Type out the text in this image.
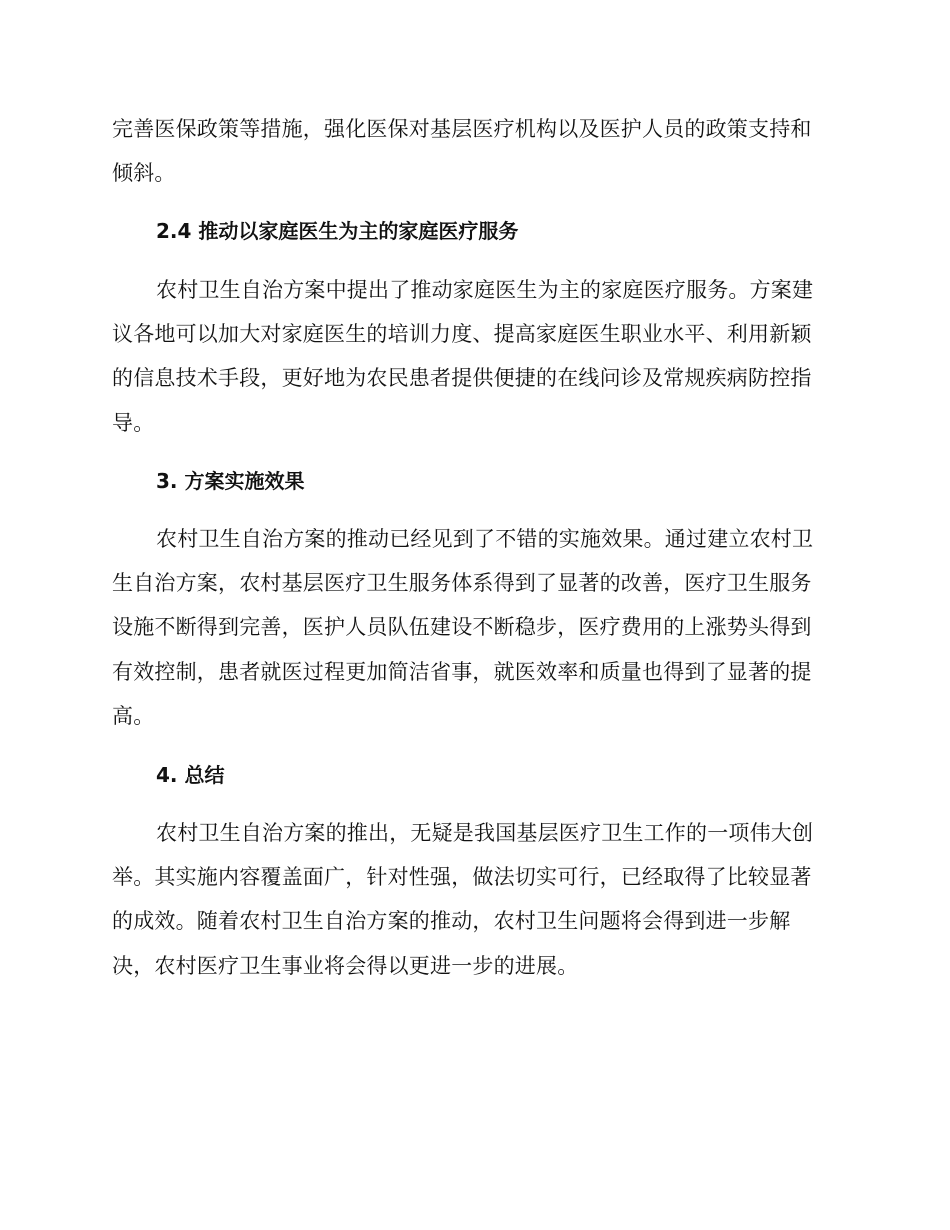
完善医保政策等措施，强化医保对基层医疗机构以及医护人员的政策支持和
倾斜。
2.4 推动以家庭医生为主的家庭医疗服务
农村卫生自治方案中提出了推动家庭医生为主的家庭医疗服务。方案建
议各地可以加大对家庭医生的培训力度、提高家庭医生职业水平、利用新颖
的信息技术手段，更好地为农民患者提供便捷的在线问诊及常规疾病防控指
导。
3. 方案实施效果
农村卫生自治方案的推动已经见到了不错的实施效果。通过建立农村卫
生自治方案，农村基层医疗卫生服务体系得到了显著的改善，医疗卫生服务
设施不断得到完善，医护人员队伍建设不断稳步，医疗费用的上涨势头得到
有效控制，患者就医过程更加简洁省事，就医效率和质量也得到了显著的提
高。
4. 总结
农村卫生自治方案的推出，无疑是我国基层医疗卫生工作的一项伟大创
举。其实施内容覆盖面广，针对性强，做法切实可行，已经取得了比较显著
的成效。随着农村卫生自治方案的推动，农村卫生问题将会得到进一步解
决，农村医疗卫生事业将会得以更进一步的进展。
